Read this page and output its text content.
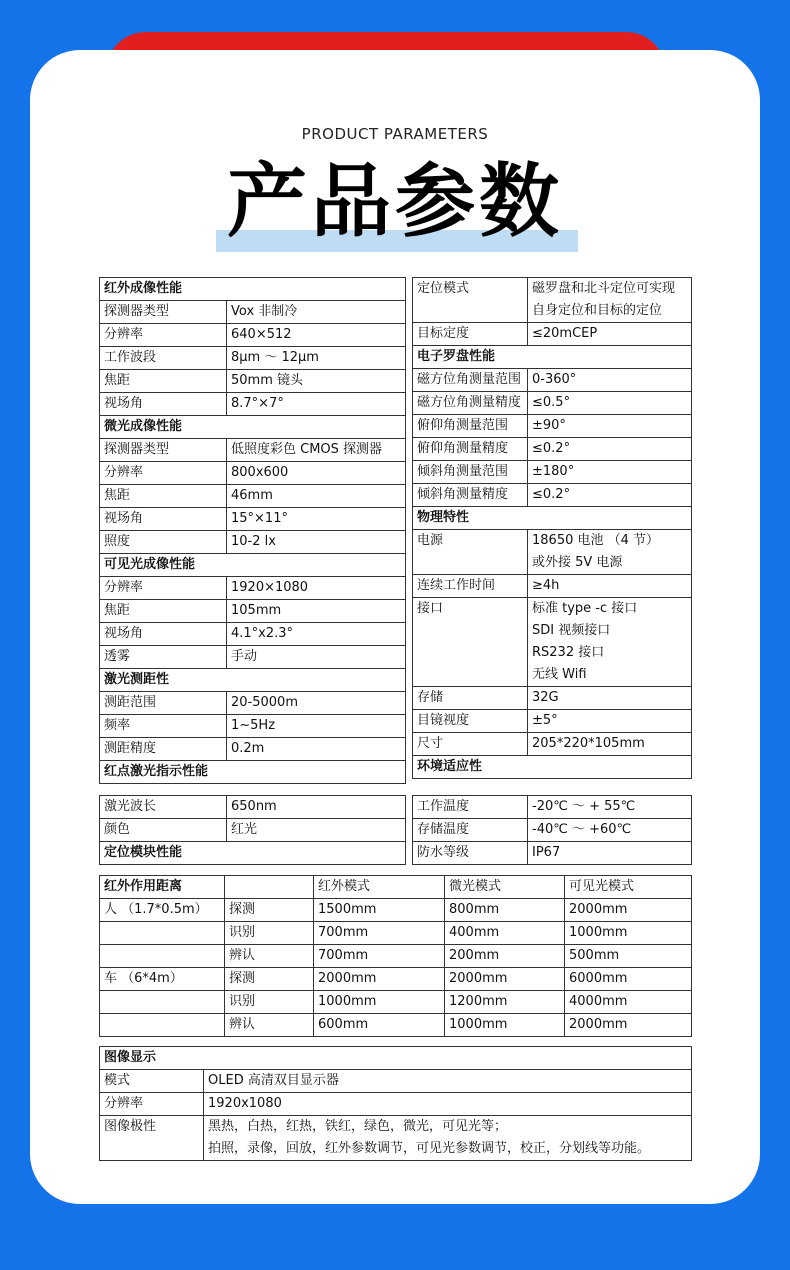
PRODUCT PARAMETERS
产品参数
红外成像性能	
探测器类型	Vox 非制冷
分辨率	640×512
工作波段	8μm ～ 12μm
焦距	50mm 镜头
视场角	8.7°×7°
微光成像性能	
探测器类型	低照度彩色 CMOS 探测器
分辨率	800x600
焦距	46mm
视场角	15°×11°
照度	10-2 lx
可见光成像性能	
分辨率	1920×1080
焦距	105mm
视场角	4.1°x2.3°
透雾	手动
激光测距性	
测距范围	20-5000m
频率	1~5Hz
测距精度	0.2m
红点激光指示性能	
激光波长	650nm
颜色	红光
定位模块性能	
定位模式	磁罗盘和北斗定位可实现
	自身定位和目标的定位
目标定度	≤20mCEP
电子罗盘性能	
磁方位角测量范围	0-360°
磁方位角测量精度	≤0.5°
俯仰角测量范围	±90°
俯仰角测量精度	≤0.2°
倾斜角测量范围	±180°
倾斜角测量精度	≤0.2°
物理特性	
电源	18650 电池 （4 节）
	或外接 5V 电源
连续工作时间	≥4h
接口	标准 type -c 接口
	SDI 视频接口
	RS232 接口
	无线 Wifi
存储	32G
目镜视度	±5°
尺寸	205*220*105mm
环境适应性	
工作温度	-20℃ ～ + 55℃
存储温度	-40℃ ～ +60℃
防水等级	IP67
红外作用距离		红外模式	微光模式	可见光模式
人 （1.7*0.5m）	探测	1500mm	800mm	2000mm
	识别	700mm	400mm	1000mm
	辨认	700mm	200mm	500mm
车 （6*4m）	探测	2000mm	2000mm	6000mm
	识别	1000mm	1200mm	4000mm
	辨认	600mm	1000mm	2000mm
图像显示	
模式	OLED 高清双目显示器
分辨率	1920x1080
图像极性	黑热，白热，红热，铁红，绿色，微光，可见光等；
	拍照，录像，回放，红外参数调节，可见光参数调节，校正，分划线等功能。
